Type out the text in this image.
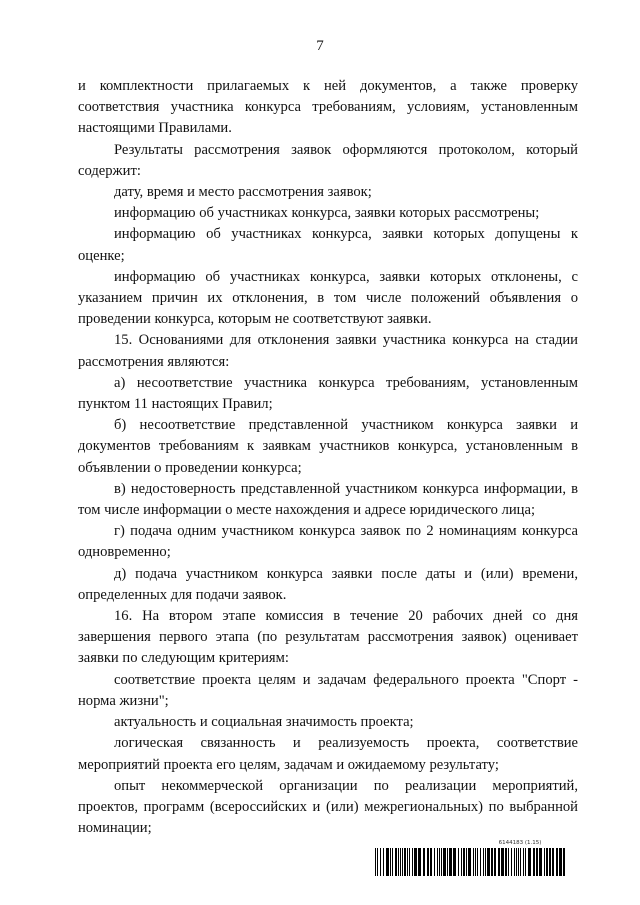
7

и комплектности прилагаемых к ней документов, а также проверку соответствия участника конкурса требованиям, условиям, установленным настоящими Правилами.

Результаты рассмотрения заявок оформляются протоколом, который содержит:

дату, время и место рассмотрения заявок;

информацию об участниках конкурса, заявки которых рассмотрены;

информацию об участниках конкурса, заявки которых допущены к оценке;

информацию об участниках конкурса, заявки которых отклонены, с указанием причин их отклонения, в том числе положений объявления о проведении конкурса, которым не соответствуют заявки.

15. Основаниями для отклонения заявки участника конкурса на стадии рассмотрения являются:

а) несоответствие участника конкурса требованиям, установленным пунктом 11 настоящих Правил;

б) несоответствие представленной участником конкурса заявки и документов требованиям к заявкам участников конкурса, установленным в объявлении о проведении конкурса;

в) недостоверность представленной участником конкурса информации, в том числе информации о месте нахождения и адресе юридического лица;

г) подача одним участником конкурса заявок по 2 номинациям конкурса одновременно;

д) подача участником конкурса заявки после даты и (или) времени, определенных для подачи заявок.

16. На втором этапе комиссия в течение 20 рабочих дней со дня завершения первого этапа (по результатам рассмотрения заявок) оценивает заявки по следующим критериям:

соответствие проекта целям и задачам федерального проекта "Спорт - норма жизни";

актуальность и социальная значимость проекта;

логическая связанность и реализуемость проекта, соответствие мероприятий проекта его целям, задачам и ожидаемому результату;

опыт некоммерческой организации по реализации мероприятий, проектов, программ (всероссийских и (или) межрегиональных) по выбранной номинации;

6144183 (1.15)
